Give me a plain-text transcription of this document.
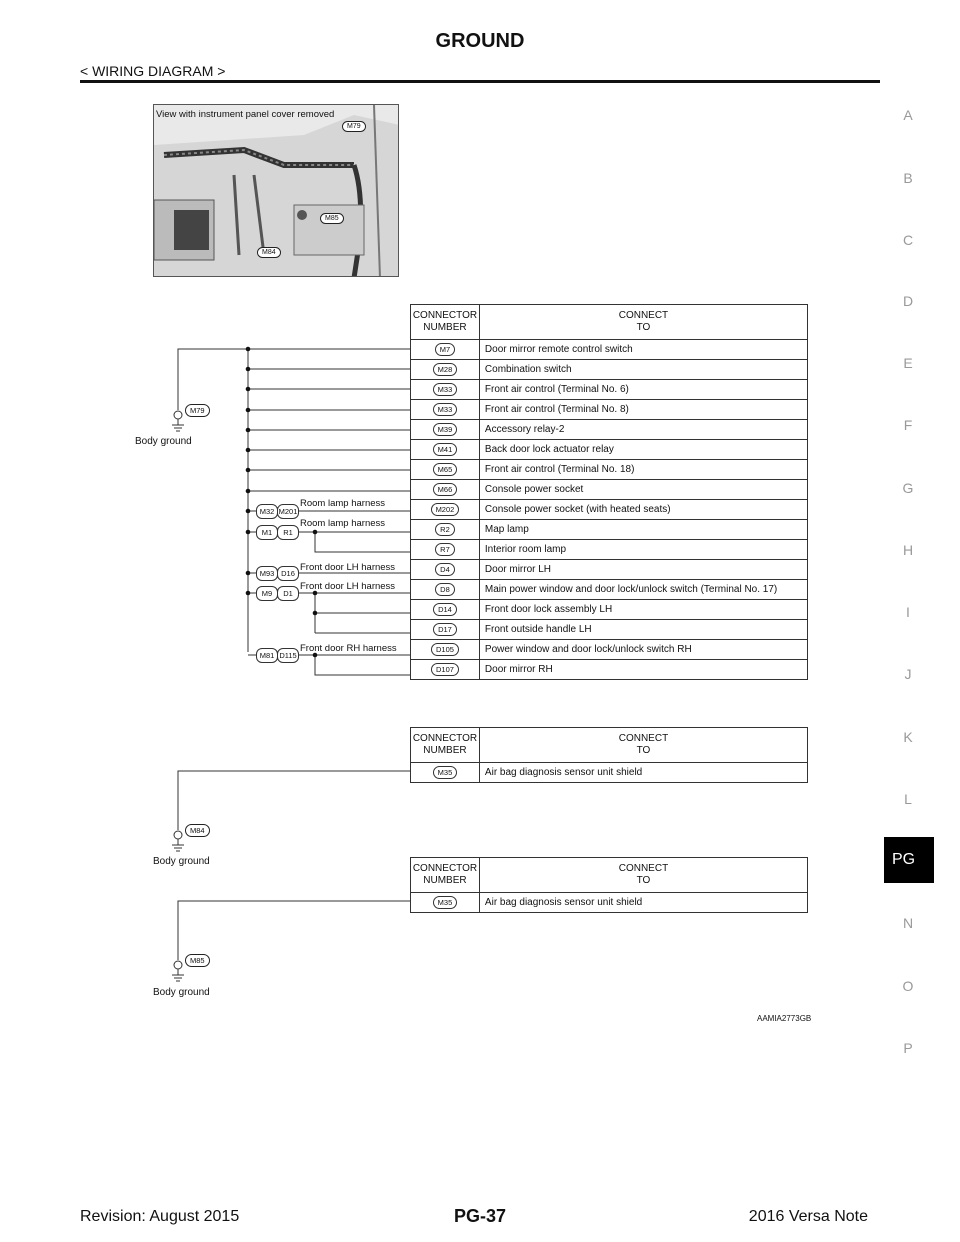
GROUND
< WIRING DIAGRAM >
A
B
C
D
E
F
G
H
I
J
K
L
PG
N
O
P
View with instrument panel cover removed
M79
M85
M84
M79
Body ground
M84
Body ground
M85
Body ground
M32 M201
Room lamp harness
M1	R1
Room lamp harness
M93 D16
Front door LH harness
M9	D1
Front door LH harness
M81 D115
Front door RH harness
CONNECTOR
NUMBER	CONNECT
TO
M7	Door mirror remote control switch
M28	Combination switch
M33	Front air control (Terminal No. 6)
M33	Front air control (Terminal No. 8)
M39	Accessory relay-2
M41	Back door lock actuator relay
M65	Front air control (Terminal No. 18)
M66	Console power socket
M202	Console power socket (with heated seats)
R2	Map lamp
R7	Interior room lamp
D4	Door mirror LH
D8	Main power window and door lock/unlock switch (Terminal No. 17)
D14	Front door lock assembly LH
D17	Front outside handle LH
D105	Power window and door lock/unlock switch RH
D107	Door mirror RH
CONNECTOR
NUMBER	CONNECT
TO
M35	Air bag diagnosis sensor unit shield
CONNECTOR
NUMBER	CONNECT
TO
M35	Air bag diagnosis sensor unit shield
AAMIA2773GB
Revision: August 2015	PG-37	2016 Versa Note
